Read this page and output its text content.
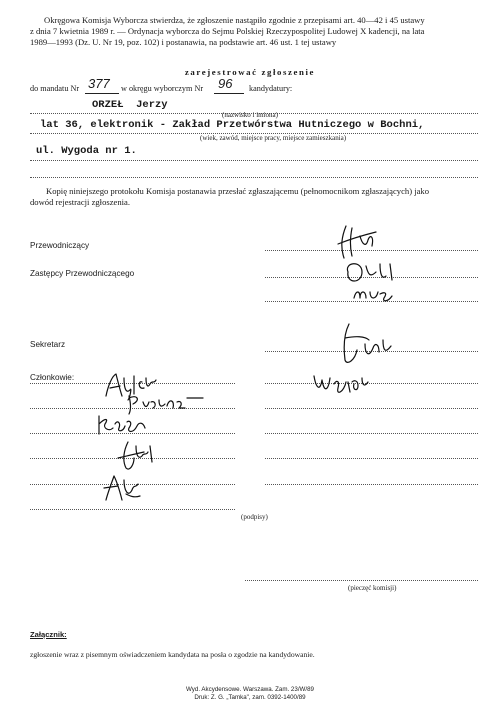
Okręgowa Komisja Wyborcza stwierdza, że zgłoszenie nastąpiło zgodnie z przepisami art. 40—42 i 45 ustawy
z dnia 7 kwietnia 1989 r. — Ordynacja wyborcza do Sejmu Polskiej Rzeczypospolitej Ludowej X kadencji, na lata
1989—1993 (Dz. U. Nr 19, poz. 102) i postanawia, na podstawie art. 46 ust. 1 tej ustawy
zarejestrować zgłoszenie
do mandatu Nr 377 w okręgu wyborczym Nr 96 kandydatury:
ORZEŁ  Jerzy
(nazwisko i imiona)
lat 36, elektronik - Zakład Przetwórstwa Hutniczego w Bochni,
(wiek, zawód, miejsce pracy, miejsce zamieszkania)
ul. Wygoda nr 1.
Kopię niniejszego protokołu Komisja postanawia przesłać zgłaszającemu (pełnomocnikom zgłaszających) jako
dowód rejestracji zgłoszenia.
Przewodniczący
Zastępcy Przewodniczącego
Sekretarz
Członkowie:
(podpisy)
(pieczęć komisji)
Załącznik:
zgłoszenie wraz z pisemnym oświadczeniem kandydata na posła o zgodzie na kandydowanie.
Wyd. Akcydensowe. Warszawa. Zam. 23/W/89
Druk: Z. G. „Tamka", zam. 0392-1400/89
